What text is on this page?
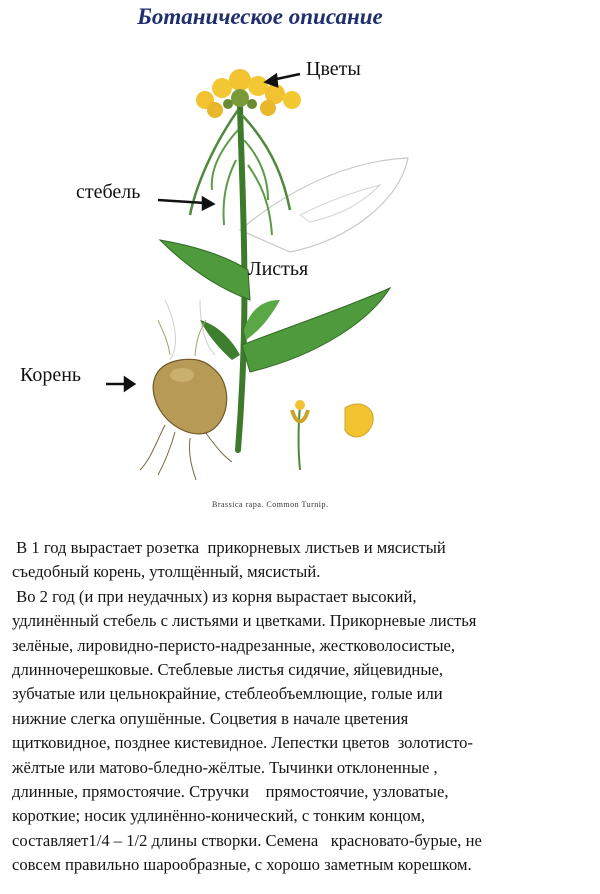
Ботаническое описание
Цветы
стебель
Листья
Корень
Brassica rapa. Common Turnip.

В 1 год вырастает розетка  прикорневых листьев и мясистый
съедобный корень, утолщённый, мясистый.

Во 2 год (и при неудачных) из корня вырастает высокий,
удлинённый стебель с листьями и цветками. Прикорневые листья
зелёные, лировидно-перисто-надрезанные, жестковолосистые,
длинночерешковые. Стеблевые листья сидячие, яйцевидные,
зубчатые или цельнокрайние, стеблеобъемлющие, голые или
нижние слегка опушённые. Соцветия в начале цветения
щитковидное, позднее кистевидное. Лепестки цветов  золотисто-
жёлтые или матово-бледно-жёлтые. Тычинки отклоненные ,
длинные, прямостоячие. Стручки    прямостоячие, узловатые,
короткие; носик удлинённо-конический, с тонким концом,
составляет1/4 – 1/2 длины створки. Семена   красновато-бурые, не
совсем правильно шарообразные, с хорошо заметным корешком.
